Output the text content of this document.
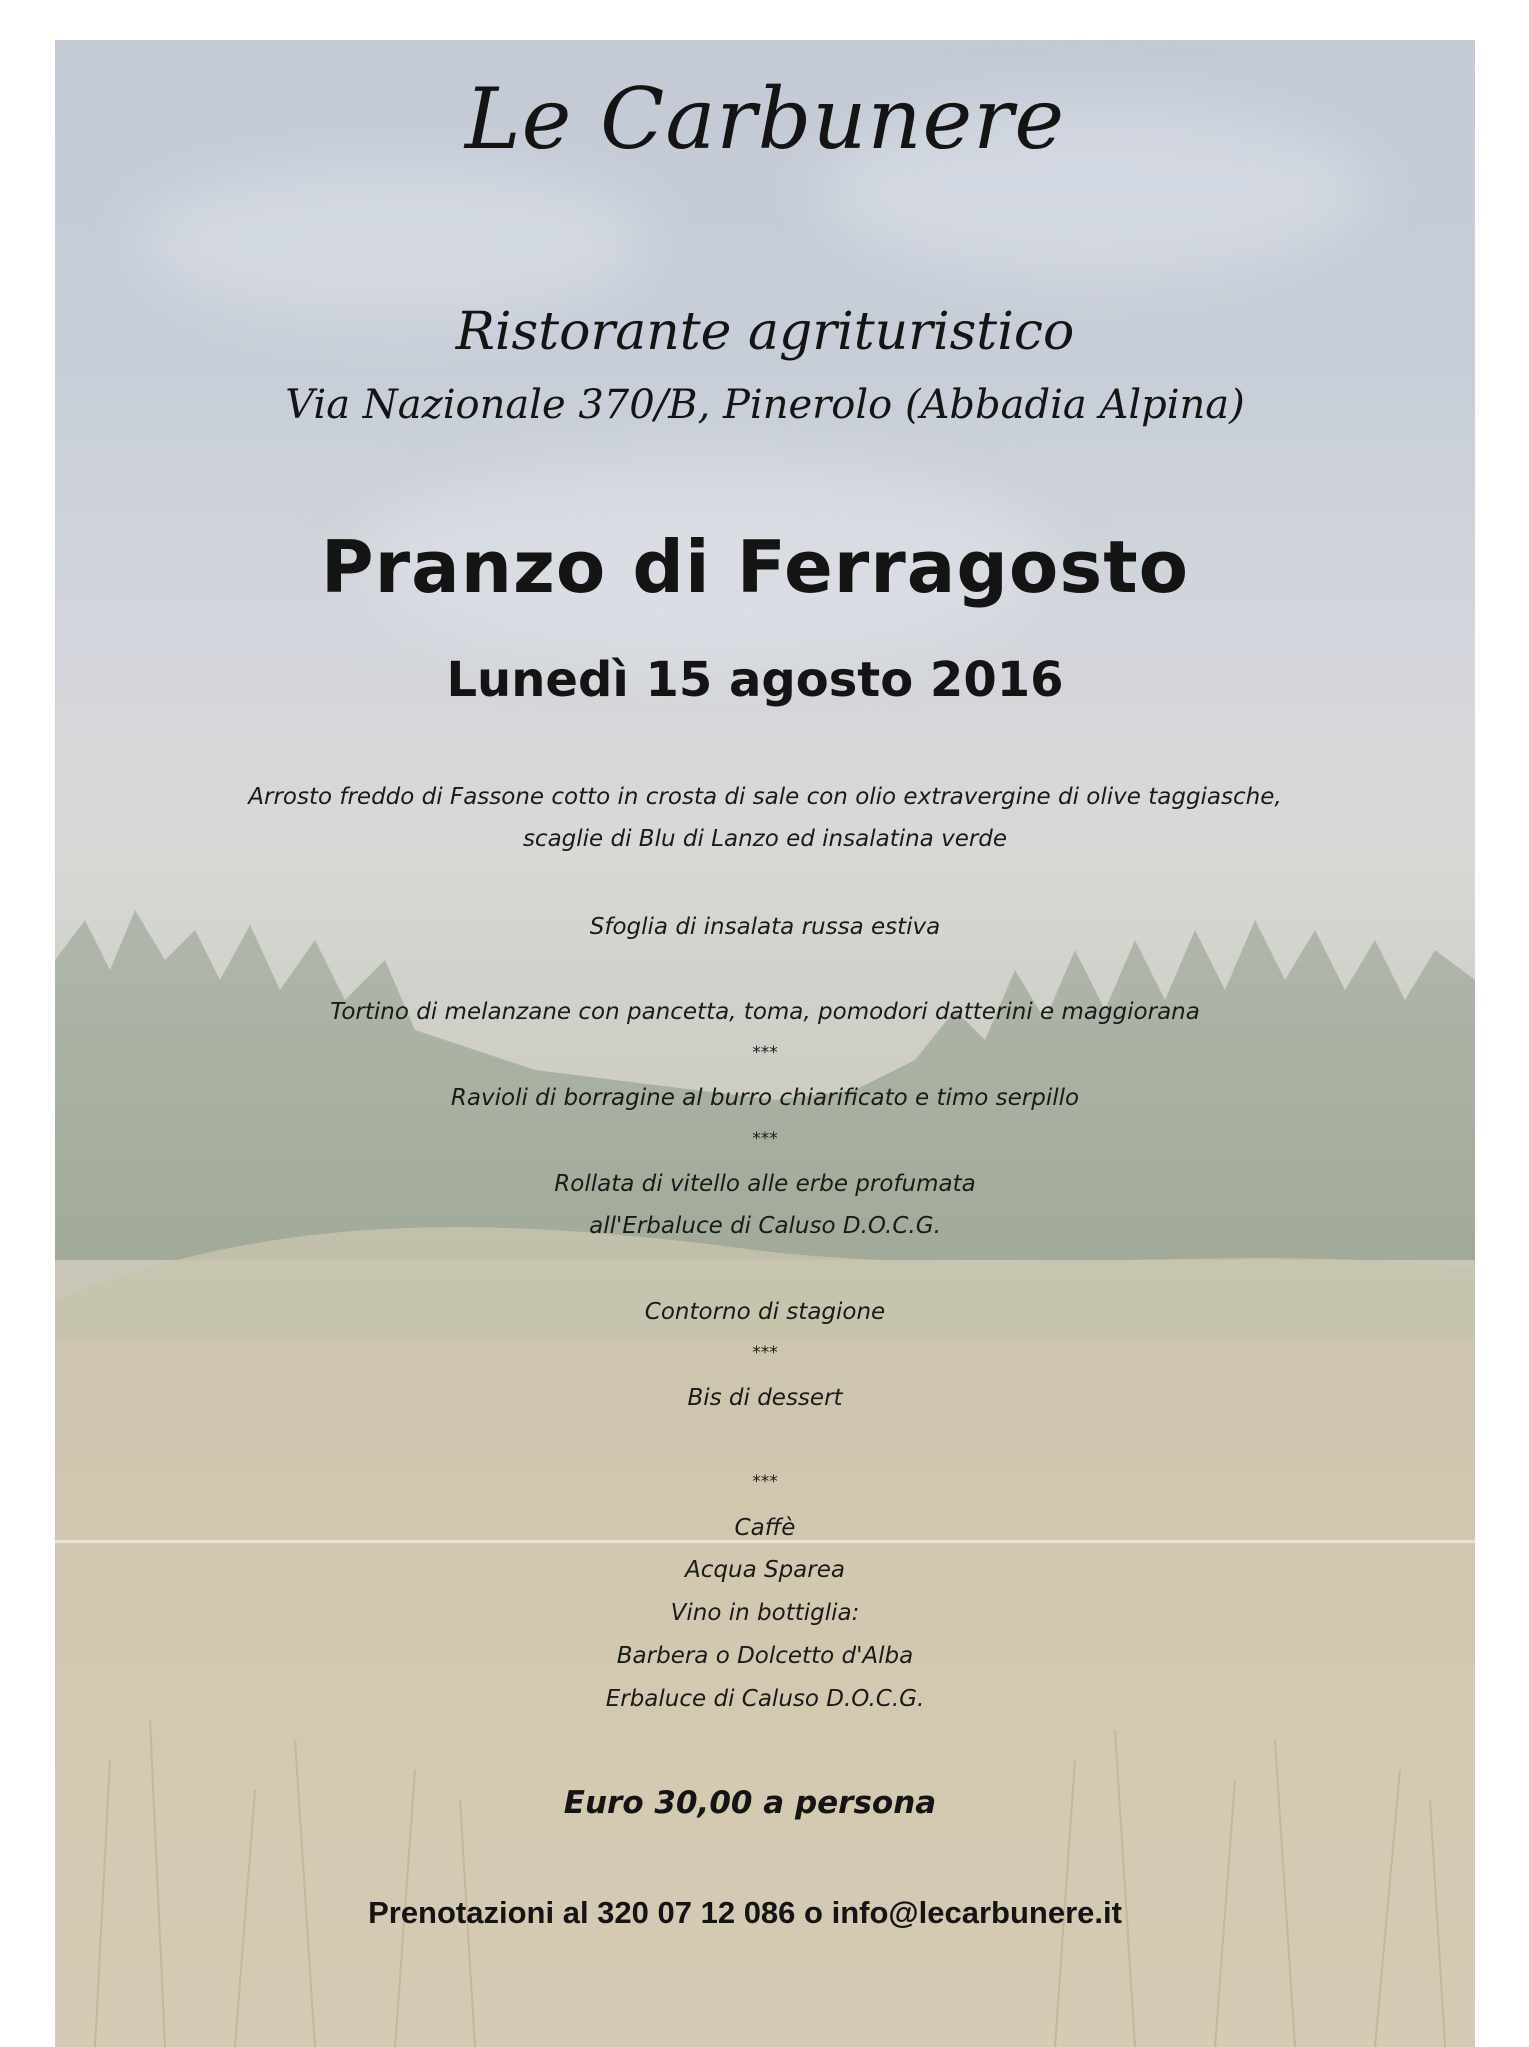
Le Carbunere
Ristorante agrituristico
Via Nazionale 370/B, Pinerolo (Abbadia Alpina)
Pranzo di Ferragosto
Lunedì 15 agosto 2016
Arrosto freddo di Fassone cotto in crosta di sale con olio extravergine di olive taggiasche,
scaglie di Blu di Lanzo ed insalatina verde
Sfoglia di insalata russa estiva
Tortino di melanzane con pancetta, toma, pomodori datterini e maggiorana
***
Ravioli di borragine al burro chiarificato e timo serpillo
***
Rollata di vitello alle erbe profumata
all'Erbaluce di Caluso D.O.C.G.
Contorno di stagione
***
Bis di dessert
***
Caffè
Acqua Sparea
Vino in bottiglia:
Barbera o Dolcetto d'Alba
Erbaluce di Caluso D.O.C.G.
Euro 30,00 a persona
Prenotazioni al 320 07 12 086 o info@lecarbunere.it
